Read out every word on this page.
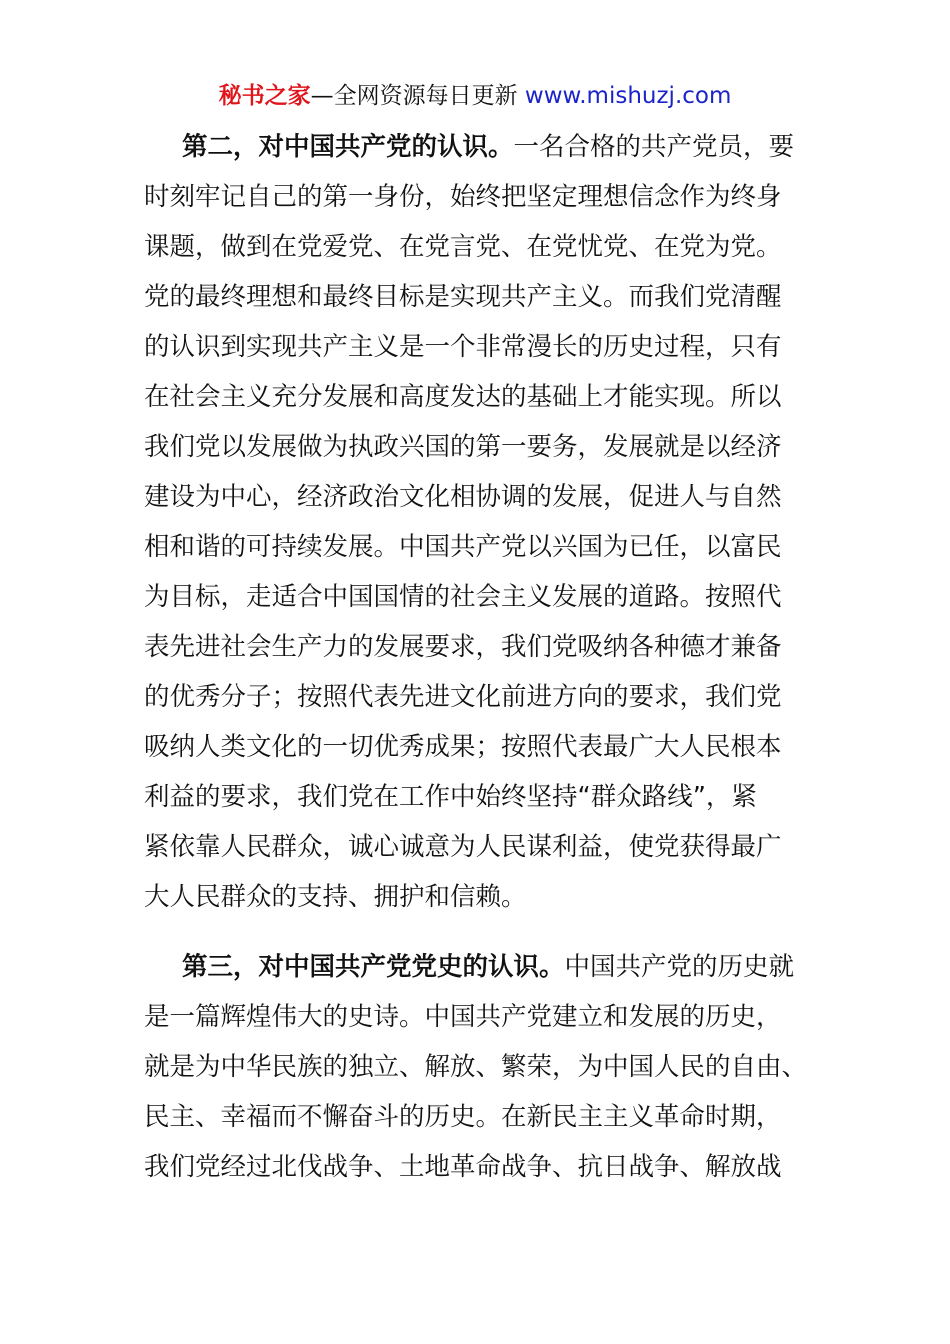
秘书之家—全网资源每日更新 www.mishuzj.com

第二，对中国共产党的认识。一名合格的共产党员，要
时刻牢记自己的第一身份，始终把坚定理想信念作为终身
课题，做到在党爱党、在党言党、在党忧党、在党为党。
党的最终理想和最终目标是实现共产主义。而我们党清醒
的认识到实现共产主义是一个非常漫长的历史过程，只有
在社会主义充分发展和高度发达的基础上才能实现。所以
我们党以发展做为执政兴国的第一要务，发展就是以经济
建设为中心，经济政治文化相协调的发展，促进人与自然
相和谐的可持续发展。中国共产党以兴国为已任，以富民
为目标，走适合中国国情的社会主义发展的道路。按照代
表先进社会生产力的发展要求，我们党吸纳各种德才兼备
的优秀分子；按照代表先进文化前进方向的要求，我们党
吸纳人类文化的一切优秀成果；按照代表最广大人民根本
利益的要求，我们党在工作中始终坚持“群众路线”，紧
紧依靠人民群众，诚心诚意为人民谋利益，使党获得最广
大人民群众的支持、拥护和信赖。

第三，对中国共产党党史的认识。中国共产党的历史就
是一篇辉煌伟大的史诗。中国共产党建立和发展的历史，
就是为中华民族的独立、解放、繁荣，为中国人民的自由、
民主、幸福而不懈奋斗的历史。在新民主主义革命时期，
我们党经过北伐战争、土地革命战争、抗日战争、解放战
